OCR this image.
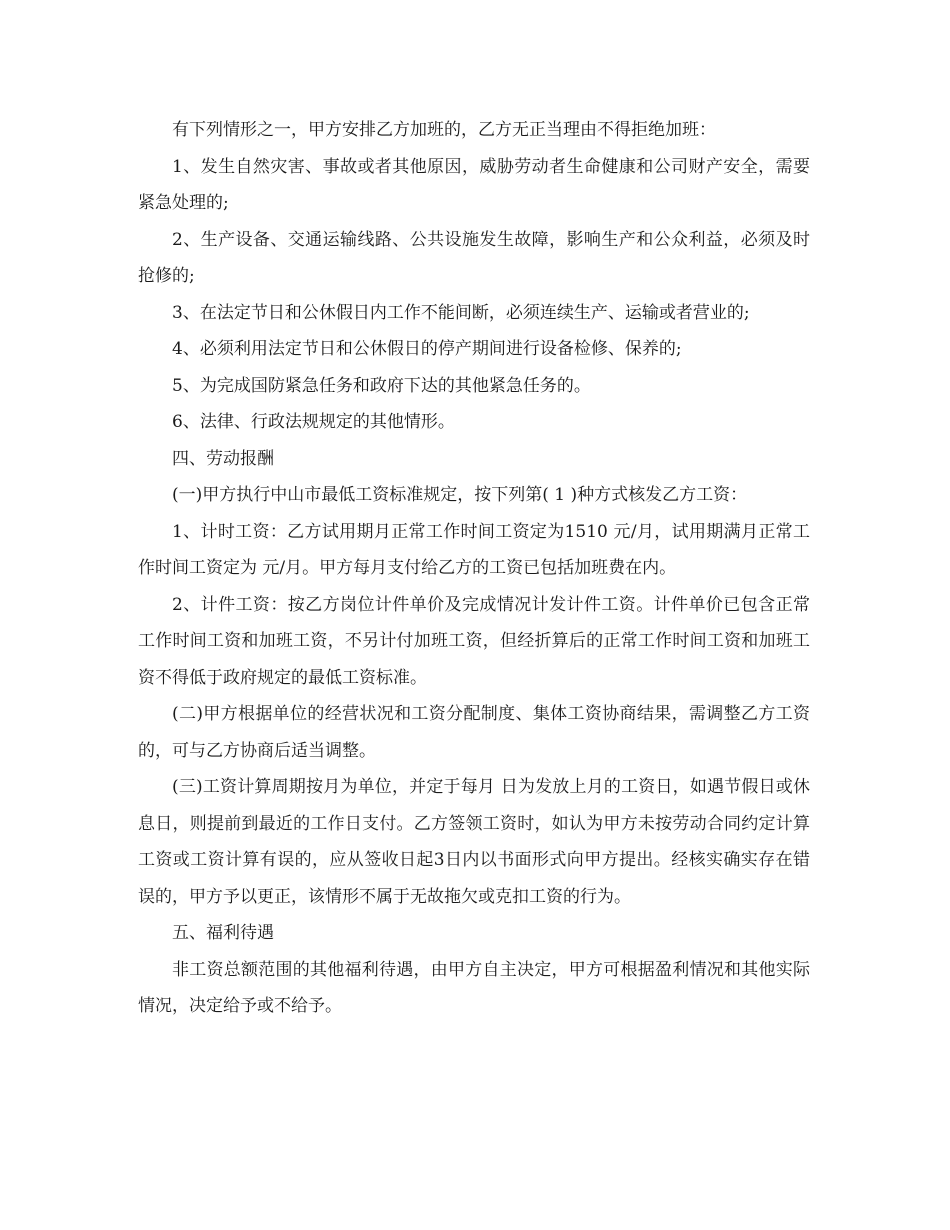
有下列情形之一，甲方安排乙方加班的，乙方无正当理由不得拒绝加班：

1、发生自然灾害、事故或者其他原因，威胁劳动者生命健康和公司财产安全，需要紧急处理的;

2、生产设备、交通运输线路、公共设施发生故障，影响生产和公众利益，必须及时抢修的;

3、在法定节日和公休假日内工作不能间断，必须连续生产、运输或者营业的;

4、必须利用法定节日和公休假日的停产期间进行设备检修、保养的;

5、为完成国防紧急任务和政府下达的其他紧急任务的。

6、法律、行政法规规定的其他情形。

四、劳动报酬

(一)甲方执行中山市最低工资标准规定，按下列第( 1 )种方式核发乙方工资：

1、计时工资：乙方试用期月正常工作时间工资定为1510 元/月，试用期满月正常工作时间工资定为 元/月。甲方每月支付给乙方的工资已包括加班费在内。

2、计件工资：按乙方岗位计件单价及完成情况计发计件工资。计件单价已包含正常工作时间工资和加班工资，不另计付加班工资，但经折算后的正常工作时间工资和加班工资不得低于政府规定的最低工资标准。

(二)甲方根据单位的经营状况和工资分配制度、集体工资协商结果，需调整乙方工资的，可与乙方协商后适当调整。

(三)工资计算周期按月为单位，并定于每月 日为发放上月的工资日，如遇节假日或休息日，则提前到最近的工作日支付。乙方签领工资时，如认为甲方未按劳动合同约定计算工资或工资计算有误的，应从签收日起3日内以书面形式向甲方提出。经核实确实存在错误的，甲方予以更正，该情形不属于无故拖欠或克扣工资的行为。

五、福利待遇

非工资总额范围的其他福利待遇，由甲方自主决定，甲方可根据盈利情况和其他实际情况，决定给予或不给予。
